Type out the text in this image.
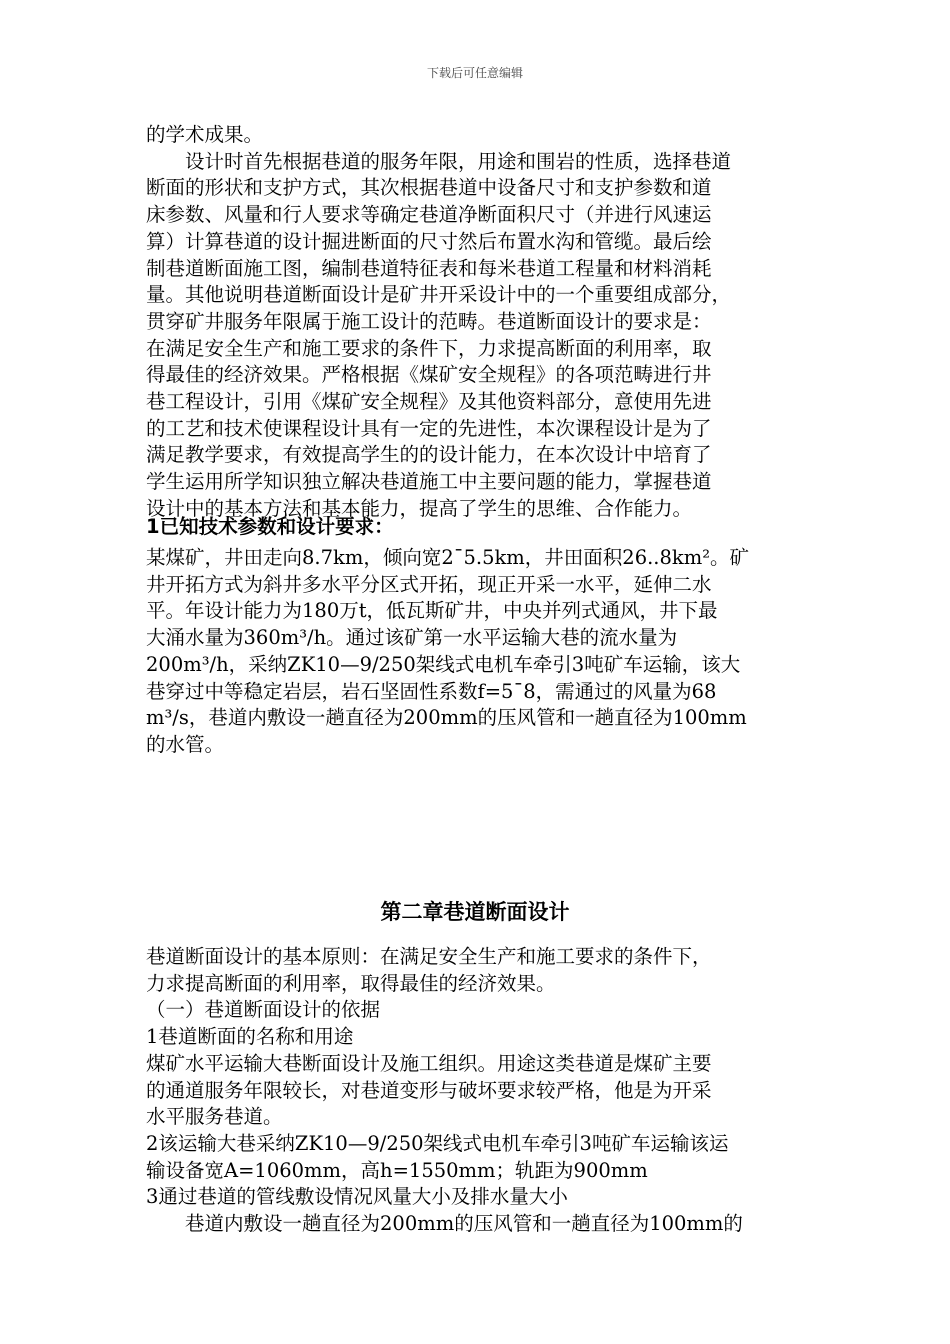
下载后可任意编辑
的学术成果。
　　设计时首先根据巷道的服务年限，用途和围岩的性质，选择巷道
断面的形状和支护方式，其次根据巷道中设备尺寸和支护参数和道
床参数、风量和行人要求等确定巷道净断面积尺寸（并进行风速运
算）计算巷道的设计掘进断面的尺寸然后布置水沟和管缆。最后绘
制巷道断面施工图，编制巷道特征表和每米巷道工程量和材料消耗
量。其他说明巷道断面设计是矿井开采设计中的一个重要组成部分，
贯穿矿井服务年限属于施工设计的范畴。巷道断面设计的要求是：
在满足安全生产和施工要求的条件下，力求提高断面的利用率，取
得最佳的经济效果。严格根据《煤矿安全规程》的各项范畴进行井
巷工程设计，引用《煤矿安全规程》及其他资料部分，意使用先进
的工艺和技术使课程设计具有一定的先进性，本次课程设计是为了
满足教学要求，有效提高学生的的设计能力，在本次设计中培育了
学生运用所学知识独立解决巷道施工中主要问题的能力，掌握巷道
设计中的基本方法和基本能力，提高了学生的思维、合作能力。
1已知技术参数和设计要求：
某煤矿，井田走向8.7km，倾向宽2¯5.5km，井田面积26..8km²。矿
井开拓方式为斜井多水平分区式开拓，现正开采一水平，延伸二水
平。年设计能力为180万t，低瓦斯矿井，中央并列式通风，井下最
大涌水量为360m³/h。通过该矿第一水平运输大巷的流水量为
200m³/h，采纳ZK10—9/250架线式电机车牵引3吨矿车运输，该大
巷穿过中等稳定岩层，岩石坚固性系数f=5¯8，需通过的风量为68
m³/s，巷道内敷设一趟直径为200mm的压风管和一趟直径为100mm
的水管。
第二章巷道断面设计
巷道断面设计的基本原则：在满足安全生产和施工要求的条件下，
力求提高断面的利用率，取得最佳的经济效果。
（一）巷道断面设计的依据
1巷道断面的名称和用途
煤矿水平运输大巷断面设计及施工组织。用途这类巷道是煤矿主要
的通道服务年限较长，对巷道变形与破坏要求较严格，他是为开采
水平服务巷道。
2该运输大巷采纳ZK10—9/250架线式电机车牵引3吨矿车运输该运
输设备宽A=1060mm，高h=1550mm；轨距为900mm
3通过巷道的管线敷设情况风量大小及排水量大小
　　巷道内敷设一趟直径为200mm的压风管和一趟直径为100mm的
